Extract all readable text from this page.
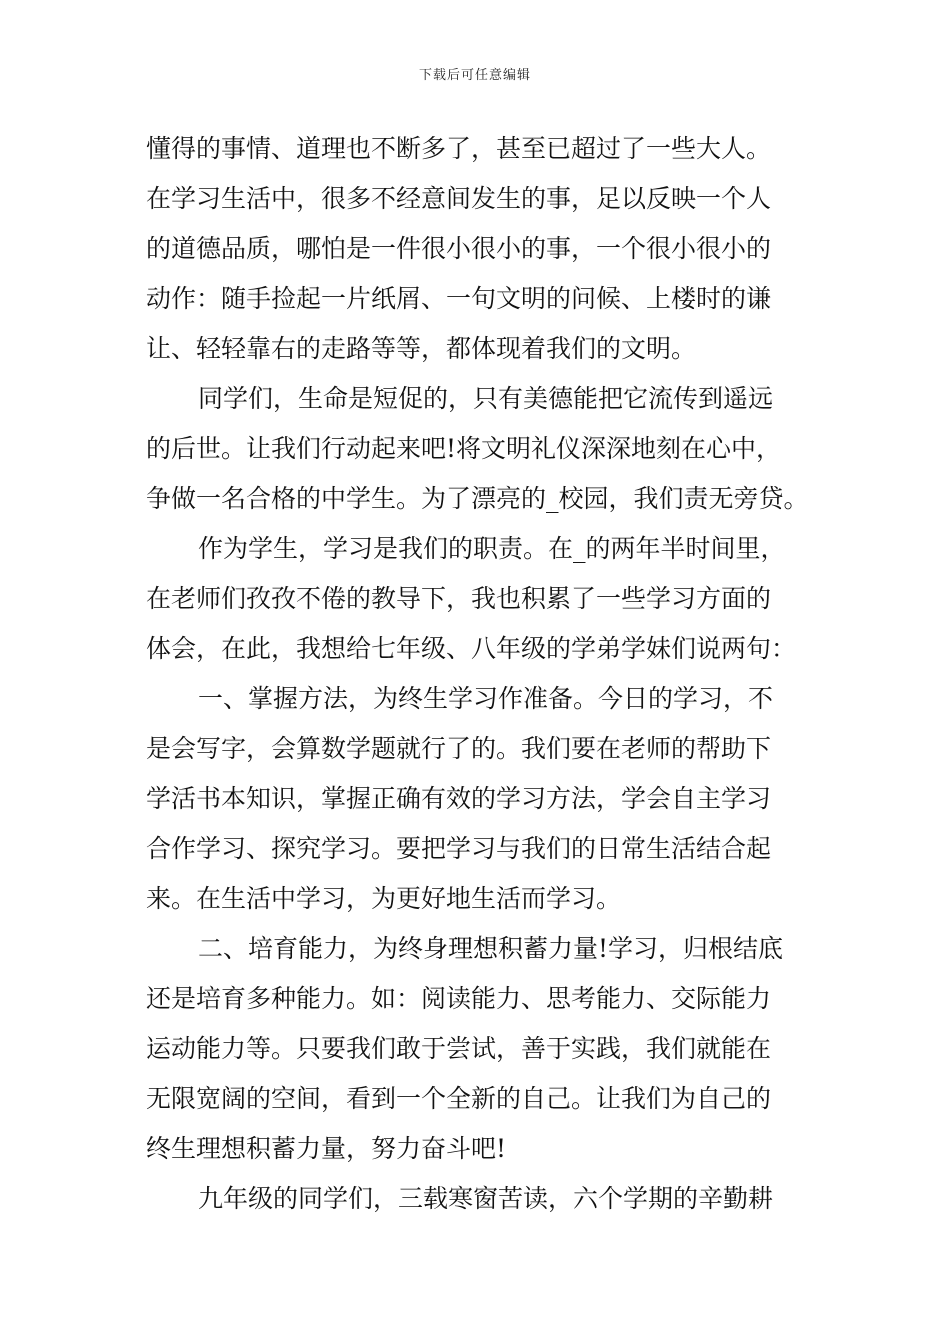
下载后可任意编辑
懂得的事情、道理也不断多了，甚至已超过了一些大人。
在学习生活中，很多不经意间发生的事，足以反映一个人
的道德品质，哪怕是一件很小很小的事，一个很小很小的
动作：随手捡起一片纸屑、一句文明的问候、上楼时的谦
让、轻轻靠右的走路等等，都体现着我们的文明。
同学们，生命是短促的，只有美德能把它流传到遥远
的后世。让我们行动起来吧!将文明礼仪深深地刻在心中，
争做一名合格的中学生。为了漂亮的_校园，我们责无旁贷。
作为学生，学习是我们的职责。在_的两年半时间里，
在老师们孜孜不倦的教导下，我也积累了一些学习方面的
体会，在此，我想给七年级、八年级的学弟学妹们说两句：
一、掌握方法，为终生学习作准备。今日的学习，不
是会写字，会算数学题就行了的。我们要在老师的帮助下
学活书本知识，掌握正确有效的学习方法，学会自主学习
合作学习、探究学习。要把学习与我们的日常生活结合起
来。在生活中学习，为更好地生活而学习。
二、培育能力，为终身理想积蓄力量!学习，归根结底
还是培育多种能力。如：阅读能力、思考能力、交际能力
运动能力等。只要我们敢于尝试，善于实践，我们就能在
无限宽阔的空间，看到一个全新的自己。让我们为自己的
终生理想积蓄力量，努力奋斗吧!
九年级的同学们，三载寒窗苦读，六个学期的辛勤耕
